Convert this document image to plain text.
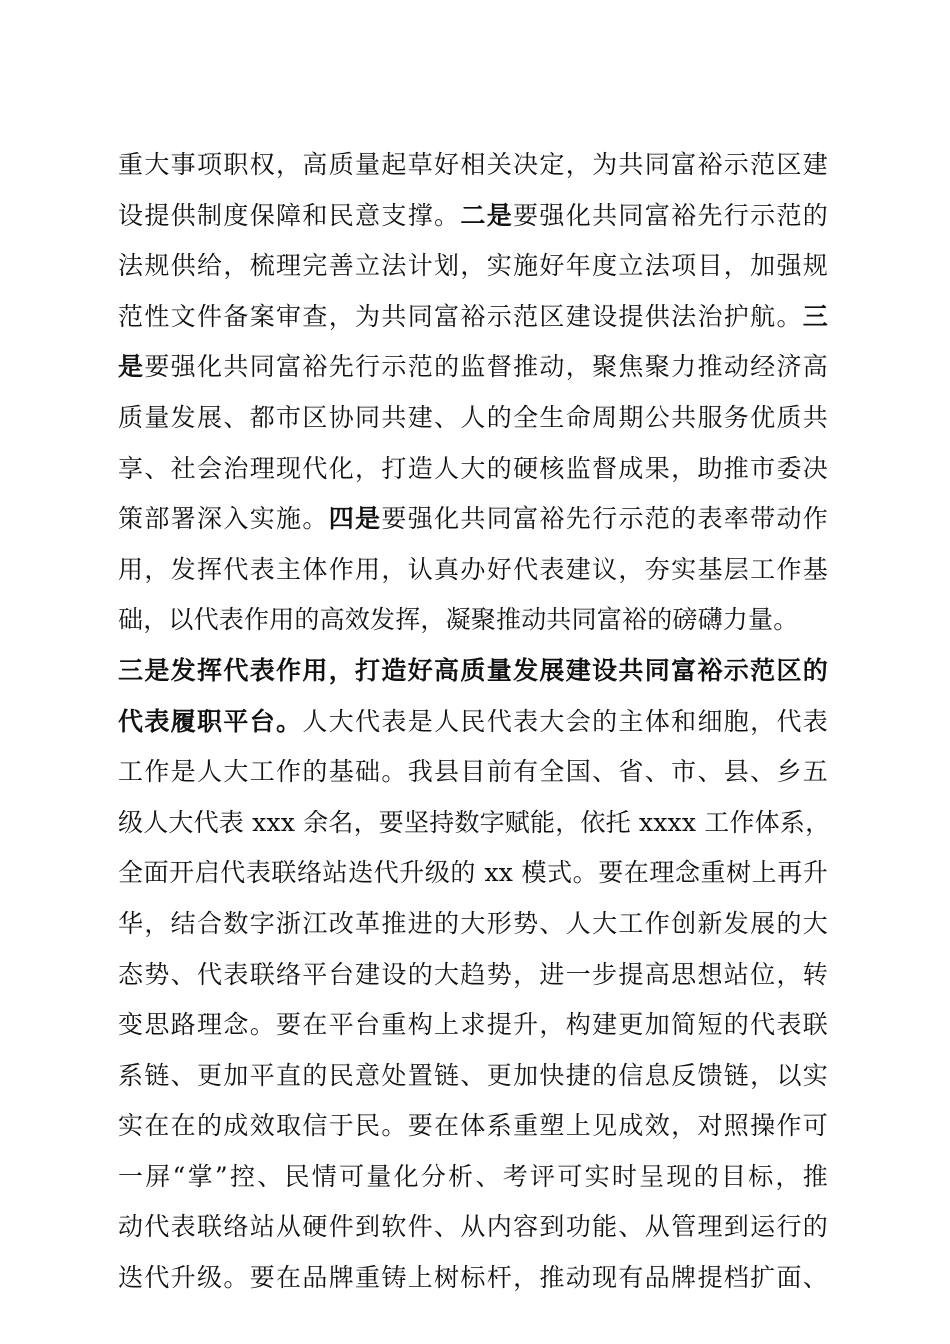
重大事项职权，高质量起草好相关决定，为共同富裕示范区建
设提供制度保障和民意支撑。二是要强化共同富裕先行示范的
法规供给，梳理完善立法计划，实施好年度立法项目，加强规
范性文件备案审查，为共同富裕示范区建设提供法治护航。三
是要强化共同富裕先行示范的监督推动，聚焦聚力推动经济高
质量发展、都市区协同共建、人的全生命周期公共服务优质共
享、社会治理现代化，打造人大的硬核监督成果，助推市委决
策部署深入实施。四是要强化共同富裕先行示范的表率带动作
用，发挥代表主体作用，认真办好代表建议，夯实基层工作基
础，以代表作用的高效发挥，凝聚推动共同富裕的磅礴力量。
三是发挥代表作用，打造好高质量发展建设共同富裕示范区的
代表履职平台。人大代表是人民代表大会的主体和细胞，代表
工作是人大工作的基础。我县目前有全国、省、市、县、乡五
级人大代表 xxx 余名，要坚持数字赋能，依托 xxxx 工作体系，
全面开启代表联络站迭代升级的 xx 模式。要在理念重树上再升
华，结合数字浙江改革推进的大形势、人大工作创新发展的大
态势、代表联络平台建设的大趋势，进一步提高思想站位，转
变思路理念。要在平台重构上求提升，构建更加简短的代表联
系链、更加平直的民意处置链、更加快捷的信息反馈链，以实
实在在的成效取信于民。要在体系重塑上见成效，对照操作可
一屏“掌”控、民情可量化分析、考评可实时呈现的目标，推
动代表联络站从硬件到软件、从内容到功能、从管理到运行的
迭代升级。要在品牌重铸上树标杆，推动现有品牌提档扩面、
